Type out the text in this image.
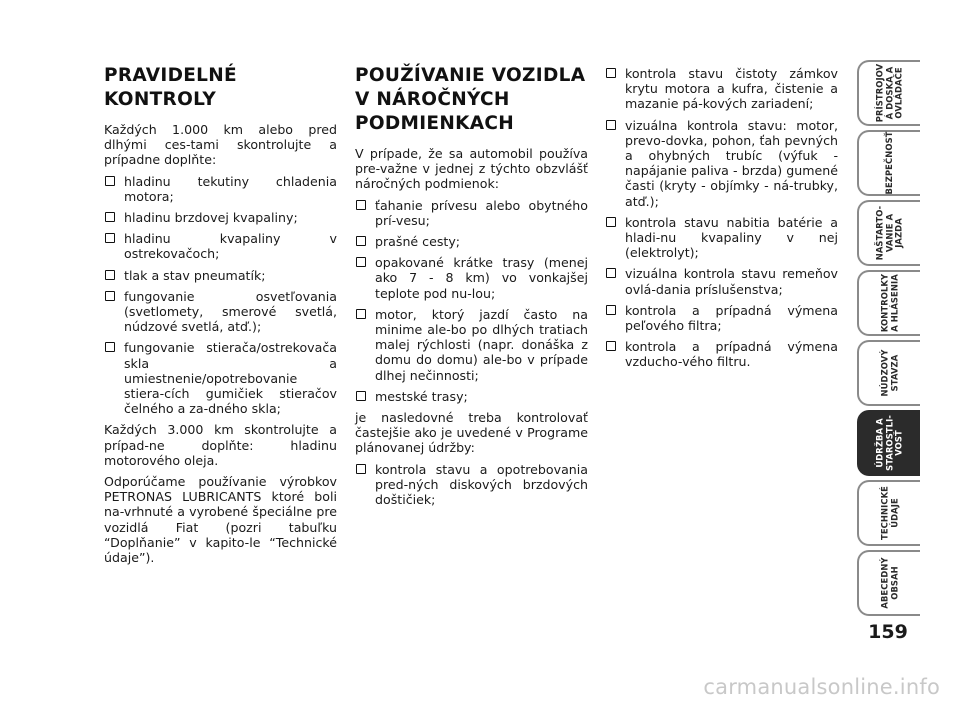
PRAVIDELNÉ KONTROLY

Každých 1.000 km alebo pred dlhými ces-tami skontrolujte a prípadne doplňte:

hladinu tekutiny chladenia motora;
hladinu brzdovej kvapaliny;
hladinu kvapaliny v ostrekovačoch;
tlak a stav pneumatík;
fungovanie osvetľovania (svetlomety, smerové svetlá, núdzové svetlá, atď.);
fungovanie stierača/ostrekovača skla a umiestnenie/opotrebovanie stiera-cích gumičiek stieračov čelného a za-dného skla;

Každých 3.000 km skontrolujte a prípad-ne doplňte: hladinu motorového oleja.

Odporúčame používanie výrobkov PETRONAS LUBRICANTS ktoré boli na-vrhnuté a vyrobené špeciálne pre vozidlá Fiat (pozri tabuľku “Doplňanie” v kapito-le “Technické údaje”).

POUŽÍVANIE VOZIDLA V NÁROČNÝCH PODMIENKACH

V prípade, že sa automobil používa pre-važne v jednej z týchto obzvlášť náročných podmienok:

ťahanie prívesu alebo obytného prí-vesu;
prašné cesty;
opakované krátke trasy (menej ako 7 - 8 km) vo vonkajšej teplote pod nu-lou;
motor, ktorý jazdí často na minime ale-bo po dlhých tratiach malej rýchlosti (napr. donáška z domu do domu) ale-bo v prípade dlhej nečinnosti;
mestské trasy;

je nasledovné treba kontrolovať častejšie ako je uvedené v Programe plánovanej údržby:

kontrola stavu a opotrebovania pred-ných diskových brzdových doštičiek;
kontrola stavu čistoty zámkov krytu motora a kufra, čistenie a mazanie pá-kových zariadení;
vizuálna kontrola stavu: motor, prevo-dovka, pohon, ťah pevných a ohybných trubíc (výfuk - napájanie paliva - brzda) gumené časti (kryty - objímky - ná-trubky, atď.);
kontrola stavu nabitia batérie a hladi-nu kvapaliny v nej (elektrolyt);
vizuálna kontrola stavu remeňov ovlá-dania príslušenstva;
kontrola a prípadná výmena peľového filtra;
kontrola a prípadná výmena vzducho-vého filtru.
PRÍSTROJOV
Á DOSKA A
OVLÁDAČE
BEZPEČNOSŤ
NAŠTARTO-
VANIE A
JAZDA
KONTROLKY
A HLÁSENIA
NÚDZOVÝ
STAVZA
ÚDRŽBA A
STAROSTLI-
VOSŤ
TECHNICKÉ
ÚDAJE
ABECEDNÝ
OBSAH
159
carmanualsonline.info
